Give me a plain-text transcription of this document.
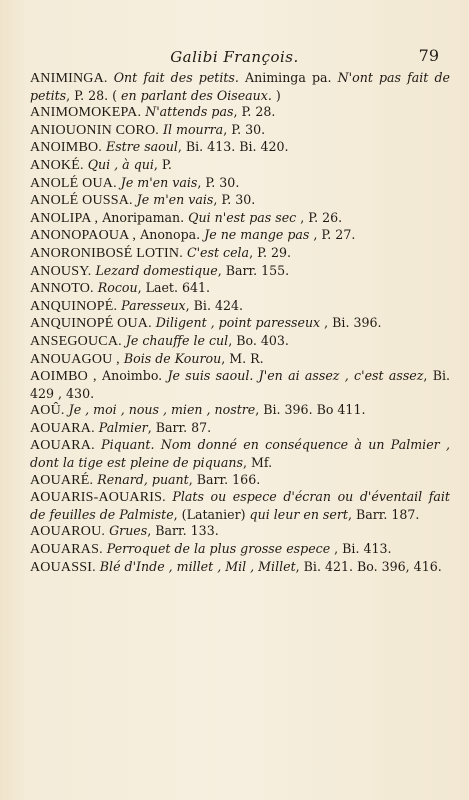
Galibi François.	79

ANIMINGA. Ont fait des petits. Animinga pa. N'ont pas fait de petits, P. 28. ( en parlant des Oiseaux. )

ANIMOMOKEPA. N'attends pas, P. 28.

ANIOUONIN CORO. Il mourra, P. 30.

ANOIMBO. Estre saoul, Bi. 413. Bi. 420.

ANOKÉ. Qui , à qui, P.

ANOLÉ OUA. Je m'en vais, P. 30.

ANOLÉ OUSSA. Je m'en vais, P. 30.

ANOLIPA , Anoripaman. Qui n'est pas sec , P. 26.

ANONOPAOUA , Anonopa. Je ne mange pas , P. 27.

ANORONIBOSÉ LOTIN. C'est cela, P. 29.

ANOUSY. Lezard domestique, Barr. 155.

ANNOTO. Rocou, Laet. 641.

ANQUINOPÉ. Paresseux, Bi. 424.

ANQUINOPÉ OUA. Diligent , point paresseux , Bi. 396.

ANSEGOUCA. Je chauffe le cul, Bo. 403.

ANOUAGOU , Bois de Kourou, M. R.

AOIMBO , Anoimbo. Je suis saoul. J'en ai assez , c'est assez, Bi. 429 , 430.

AOÛ. Je , moi , nous , mien , nostre, Bi. 396. Bo 411.

AOUARA. Palmier, Barr. 87.

AOUARA. Piquant. Nom donné en conséquence à un Palmier , dont la tige est pleine de piquans, Mf.

AOUARÉ. Renard, puant, Barr. 166.

AOUARIS-AOUARIS. Plats ou espece d'écran ou d'éventail fait de feuilles de Palmiste, (Latanier) qui leur en sert, Barr. 187.

AOUAROU. Grues, Barr. 133.

AOUARAS. Perroquet de la plus grosse espece , Bi. 413.

AOUASSI. Blé d'Inde , millet , Mil , Millet, Bi. 421. Bo. 396, 416.
